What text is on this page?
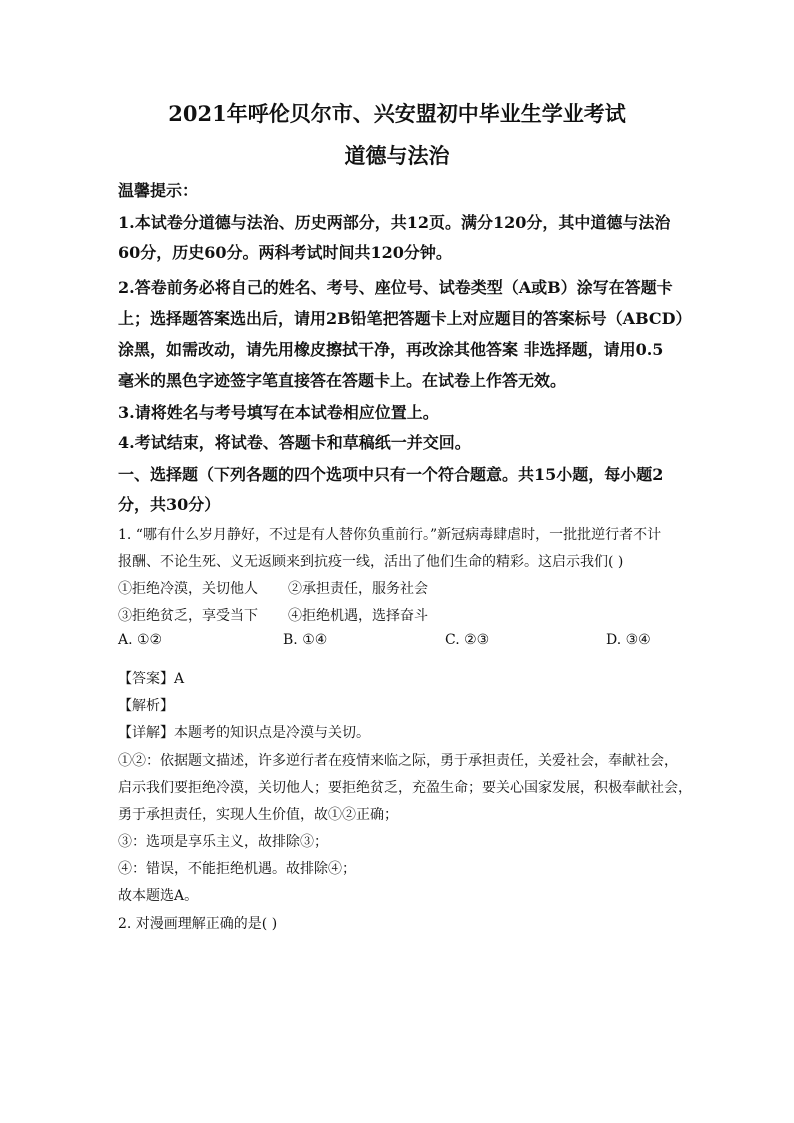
2021年呼伦贝尔市、兴安盟初中毕业生学业考试
道德与法治
温馨提示：
1.本试卷分道德与法治、历史两部分，共12页。满分120分，其中道德与法治
60分，历史60分。两科考试时间共120分钟。
2.答卷前务必将自己的姓名、考号、座位号、试卷类型（A或B）涂写在答题卡
上；选择题答案选出后，请用2B铅笔把答题卡上对应题目的答案标号（ABCD）
涂黑，如需改动，请先用橡皮擦拭干净，再改涂其他答案 非选择题，请用0.5
毫米的黑色字迹签字笔直接答在答题卡上。在试卷上作答无效。
3.请将姓名与考号填写在本试卷相应位置上。
4.考试结束，将试卷、答题卡和草稿纸一并交回。
一、选择题（下列各题的四个选项中只有一个符合题意。共15小题，每小题2
分，共30分）
1. “哪有什么岁月静好，不过是有人替你负重前行。”新冠病毒肆虐时，一批批逆行者不计
报酬、不论生死、义无返顾来到抗疫一线，活出了他们生命的精彩。这启示我们( )
①拒绝冷漠，关切他人 ②承担责任，服务社会
③拒绝贫乏，享受当下 ④拒绝机遇，选择奋斗
A. ①②	B. ①④	C. ②③	D. ③④
【答案】A
【解析】
【详解】本题考的知识点是冷漠与关切。
①②：依据题文描述，许多逆行者在疫情来临之际，勇于承担责任，关爱社会，奉献社会，
启示我们要拒绝冷漠，关切他人；要拒绝贫乏，充盈生命；要关心国家发展，积极奉献社会，
勇于承担责任，实现人生价值，故①②正确；
③：选项是享乐主义，故排除③；
④：错误，不能拒绝机遇。故排除④；
故本题选A。
2. 对漫画理解正确的是( )
